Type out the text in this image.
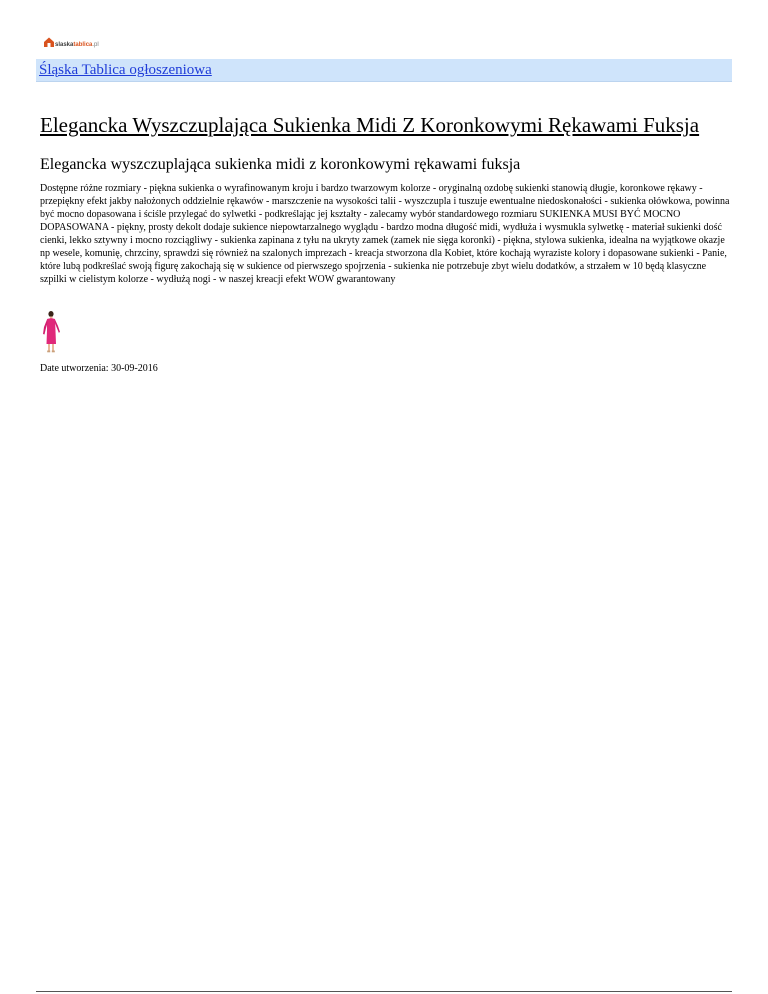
slaskatablica.pl
Śląska Tablica ogłoszeniowa
Elegancka Wyszczuplająca Sukienka Midi Z Koronkowymi Rękawami Fuksja
Elegancka wyszczuplająca sukienka midi z koronkowymi rękawami fuksja

Dostępne różne rozmiary - piękna sukienka o wyrafinowanym kroju i bardzo twarzowym kolorze - oryginalną ozdobę sukienki stanowią długie, koronkowe rękawy - przepiękny efekt jakby nałożonych oddzielnie rękawów - marszczenie na wysokości talii - wyszczupla i tuszuje ewentualne niedoskonałości - sukienka ołówkowa, powinna być mocno dopasowana i ściśle przylegać do sylwetki - podkreślając jej kształty - zalecamy wybór standardowego rozmiaru SUKIENKA MUSI BYĆ MOCNO DOPASOWANA - piękny, prosty dekolt dodaje sukience niepowtarzalnego wyglądu - bardzo modna długość midi, wydłuża i wysmukla sylwetkę - materiał sukienki dość cienki, lekko sztywny i mocno rozciągliwy - sukienka zapinana z tyłu na ukryty zamek (zamek nie sięga koronki) - piękna, stylowa sukienka, idealna na wyjątkowe okazje np wesele, komunię, chrzciny, sprawdzi się również na szalonych imprezach - kreacja stworzona dla Kobiet, które kochają wyraziste kolory i dopasowane sukienki - Panie, które lubą podkreślać swoją figurę zakochają się w sukience od pierwszego spojrzenia - sukienka nie potrzebuje zbyt wielu dodatków, a strzałem w 10 będą klasyczne szpilki w cielistym kolorze - wydłużą nogi - w naszej kreacji efekt WOW gwarantowany

Date utworzenia: 30-09-2016
